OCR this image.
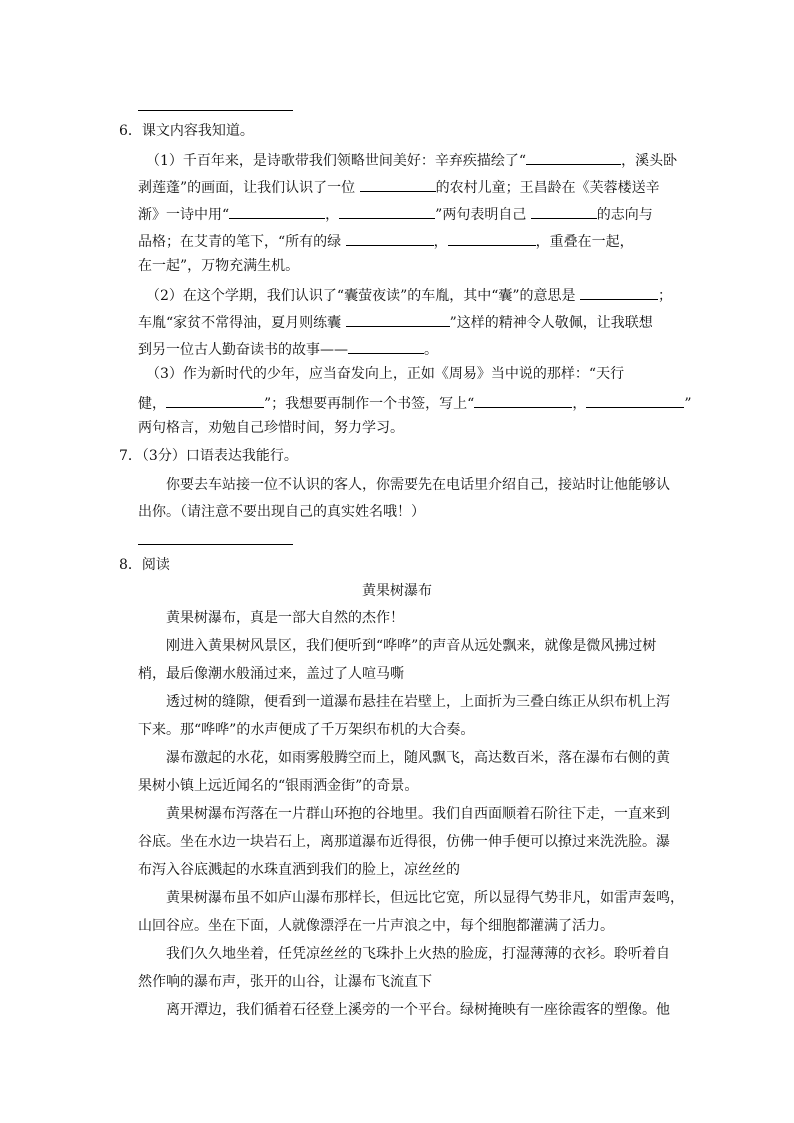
6．课文内容我知道。
（1）千百年来，是诗歌带我们领略世间美好：辛弃疾描绘了“	，溪头卧
剥莲蓬”的画面，让我们认识了一位	的农村儿童；王昌龄在《芙蓉楼送辛
渐》一诗中用“	，	”两句表明自己	的志向与
品格；在艾青的笔下，“所有的绿	，	，重叠在一起，
在一起”，万物充满生机。
（2）在这个学期，我们认识了“囊萤夜读”的车胤，其中“囊”的意思是	；
车胤“家贫不常得油，夏月则练囊	”这样的精神令人敬佩，让我联想
到另一位古人勤奋读书的故事——	。
（3）作为新时代的少年，应当奋发向上，正如《周易》当中说的那样：“天行
健，	”；我想要再制作一个书签，写上“	，	”
两句格言，劝勉自己珍惜时间，努力学习。
7．（3分）口语表达我能行。
你要去车站接一位不认识的客人，你需要先在电话里介绍自己，接站时让他能够认
出你。（请注意不要出现自己的真实姓名哦！）
8．阅读
黄果树瀑布
黄果树瀑布，真是一部大自然的杰作！
刚进入黄果树风景区，我们便听到“哗哗”的声音从远处飘来，就像是微风拂过树
梢，最后像潮水般涌过来，盖过了人喧马嘶
透过树的缝隙，便看到一道瀑布悬挂在岩壁上，上面折为三叠白练正从织布机上泻
下来。那“哗哗”的水声便成了千万架织布机的大合奏。
瀑布激起的水花，如雨雾般腾空而上，随风飘飞，高达数百米，落在瀑布右侧的黄
果树小镇上远近闻名的“银雨洒金街”的奇景。
黄果树瀑布泻落在一片群山环抱的谷地里。我们自西面顺着石阶往下走，一直来到
谷底。坐在水边一块岩石上，离那道瀑布近得很，仿佛一伸手便可以撩过来洗洗脸。瀑
布泻入谷底溅起的水珠直洒到我们的脸上，凉丝丝的
黄果树瀑布虽不如庐山瀑布那样长，但远比它宽，所以显得气势非凡，如雷声轰鸣，
山回谷应。坐在下面，人就像漂浮在一片声浪之中，每个细胞都灌满了活力。
我们久久地坐着，任凭凉丝丝的飞珠扑上火热的脸庞，打湿薄薄的衣衫。聆听着自
然作响的瀑布声，张开的山谷，让瀑布飞流直下
离开潭边，我们循着石径登上溪旁的一个平台。绿树掩映有一座徐霞客的塑像。他
